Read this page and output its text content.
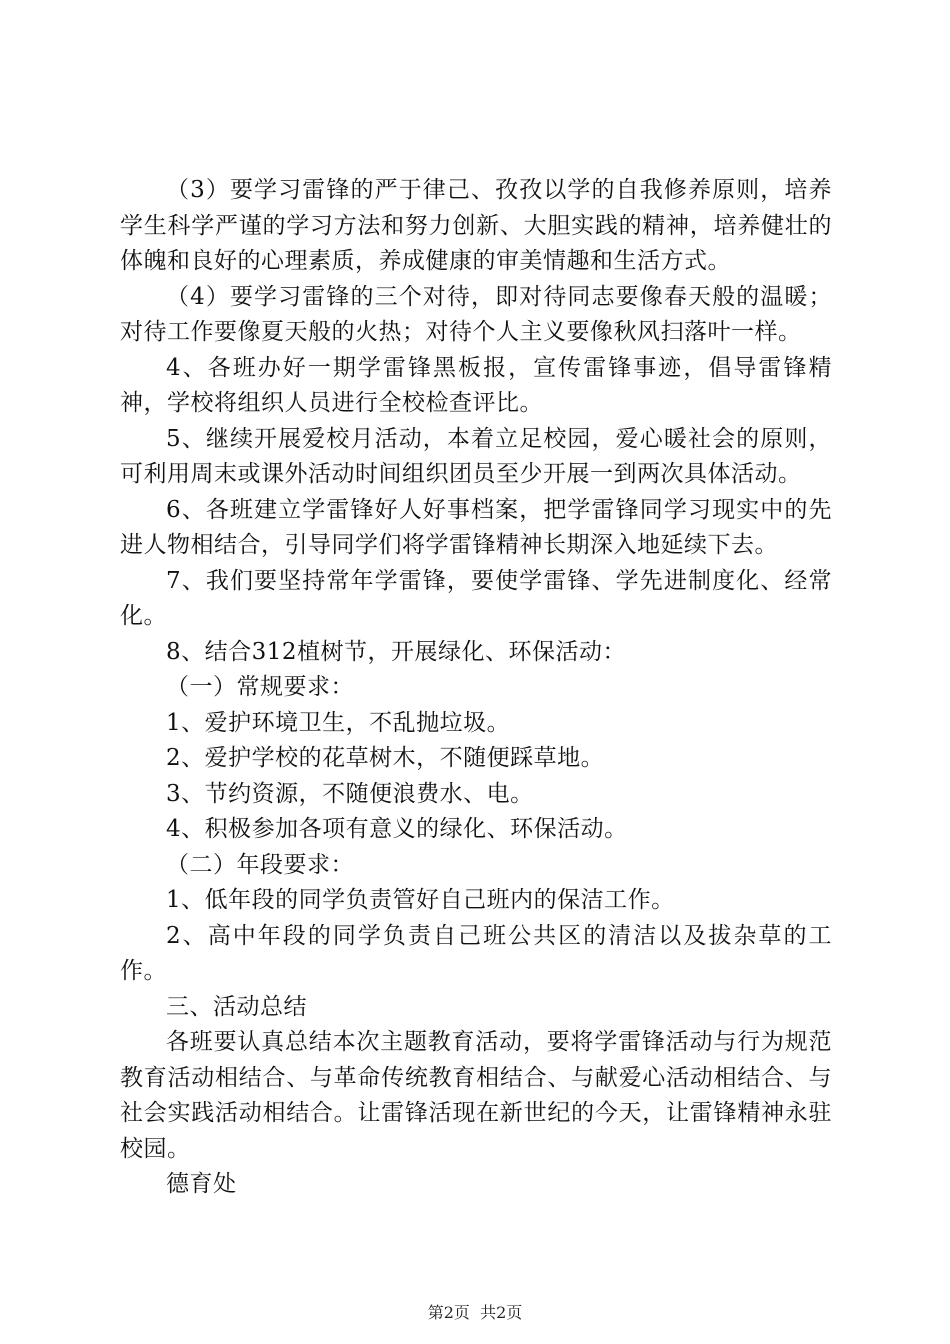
（3）要学习雷锋的严于律己、孜孜以学的自我修养原则，培养学生科学严谨的学习方法和努力创新、大胆实践的精神，培养健壮的体魄和良好的心理素质，养成健康的审美情趣和生活方式。

（4）要学习雷锋的三个对待，即对待同志要像春天般的温暖；对待工作要像夏天般的火热；对待个人主义要像秋风扫落叶一样。

4、各班办好一期学雷锋黑板报，宣传雷锋事迹，倡导雷锋精神，学校将组织人员进行全校检查评比。

5、继续开展爱校月活动，本着立足校园，爱心暖社会的原则，可利用周末或课外活动时间组织团员至少开展一到两次具体活动。

6、各班建立学雷锋好人好事档案，把学雷锋同学习现实中的先进人物相结合，引导同学们将学雷锋精神长期深入地延续下去。

7、我们要坚持常年学雷锋，要使学雷锋、学先进制度化、经常化。

8、结合312植树节，开展绿化、环保活动：

（一）常规要求：

1、爱护环境卫生，不乱抛垃圾。

2、爱护学校的花草树木，不随便踩草地。

3、节约资源，不随便浪费水、电。

4、积极参加各项有意义的绿化、环保活动。

（二）年段要求：

1、低年段的同学负责管好自己班内的保洁工作。

2、高中年段的同学负责自己班公共区的清洁以及拔杂草的工作。

三、活动总结

各班要认真总结本次主题教育活动，要将学雷锋活动与行为规范教育活动相结合、与革命传统教育相结合、与献爱心活动相结合、与社会实践活动相结合。让雷锋活现在新世纪的今天，让雷锋精神永驻校园。

德育处

第2页 共2页
